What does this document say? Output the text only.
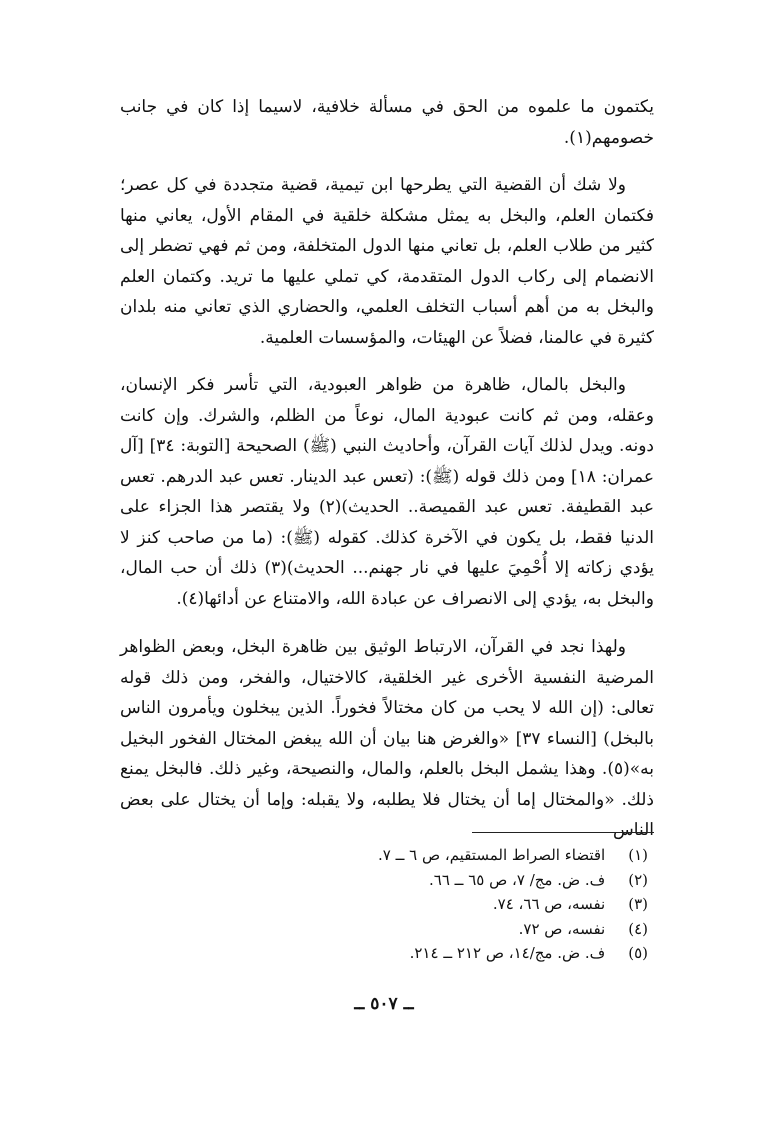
يكتمون ما علموه من الحق في مسألة خلافية، لاسيما إذا كان في جانب خصومهم(١).
ولا شك أن القضية التي يطرحها ابن تيمية، قضية متجددة في كل عصر؛ فكتمان العلم، والبخل به يمثل مشكلة خلقية في المقام الأول، يعاني منها كثير من طلاب العلم، بل تعاني منها الدول المتخلفة، ومن ثم فهي تضطر إلى الانضمام إلى ركاب الدول المتقدمة، كي تملي عليها ما تريد. وكتمان العلم والبخل به من أهم أسباب التخلف العلمي، والحضاري الذي تعاني منه بلدان كثيرة في عالمنا، فضلاً عن الهيئات، والمؤسسات العلمية.
والبخل بالمال، ظاهرة من ظواهر العبودية، التي تأسر فكر الإنسان، وعقله، ومن ثم كانت عبودية المال، نوعاً من الظلم، والشرك. وإن كانت دونه. ويدل لذلك آيات القرآن، وأحاديث النبي (ﷺ) الصحيحة [التوبة: ٣٤] [آل عمران: ١٨] ومن ذلك قوله (ﷺ): (تعس عبد الدينار. تعس عبد الدرهم. تعس عبد القطيفة. تعس عبد القميصة.. الحديث)(٢) ولا يقتصر هذا الجزاء على الدنيا فقط، بل يكون في الآخرة كذلك. كقوله (ﷺ): (ما من صاحب كنز لا يؤدي زكاته إلا أُحْمِيَ عليها في نار جهنم... الحديث)(٣) ذلك أن حب المال، والبخل به، يؤدي إلى الانصراف عن عبادة الله، والامتناع عن أدائها(٤).
ولهذا نجد في القرآن، الارتباط الوثيق بين ظاهرة البخل، وبعض الظواهر المرضية النفسية الأخرى غير الخلقية، كالاختيال، والفخر، ومن ذلك قوله تعالى: (إن الله لا يحب من كان مختالاً فخوراً. الذين يبخلون ويأمرون الناس بالبخل) [النساء ٣٧] «والغرض هنا بيان أن الله يبغض المختال الفخور البخيل به»(٥). وهذا يشمل البخل بالعلم، والمال، والنصيحة، وغير ذلك. فالبخل يمنع ذلك. «والمختال إما أن يختال فلا يطلبه، ولا يقبله: وإما أن يختال على بعض الناس
(١) اقتضاء الصراط المستقيم، ص ٦ ــ ٧.
(٢) ف. ض. مج/ ٧، ص ٦٥ ــ ٦٦.
(٣) نفسه، ص ٦٦، ٧٤.
(٤) نفسه، ص ٧٢.
(٥) ف. ض. مج/١٤، ص ٢١٢ ــ ٢١٤.
ــ ٥٠٧ ــ
